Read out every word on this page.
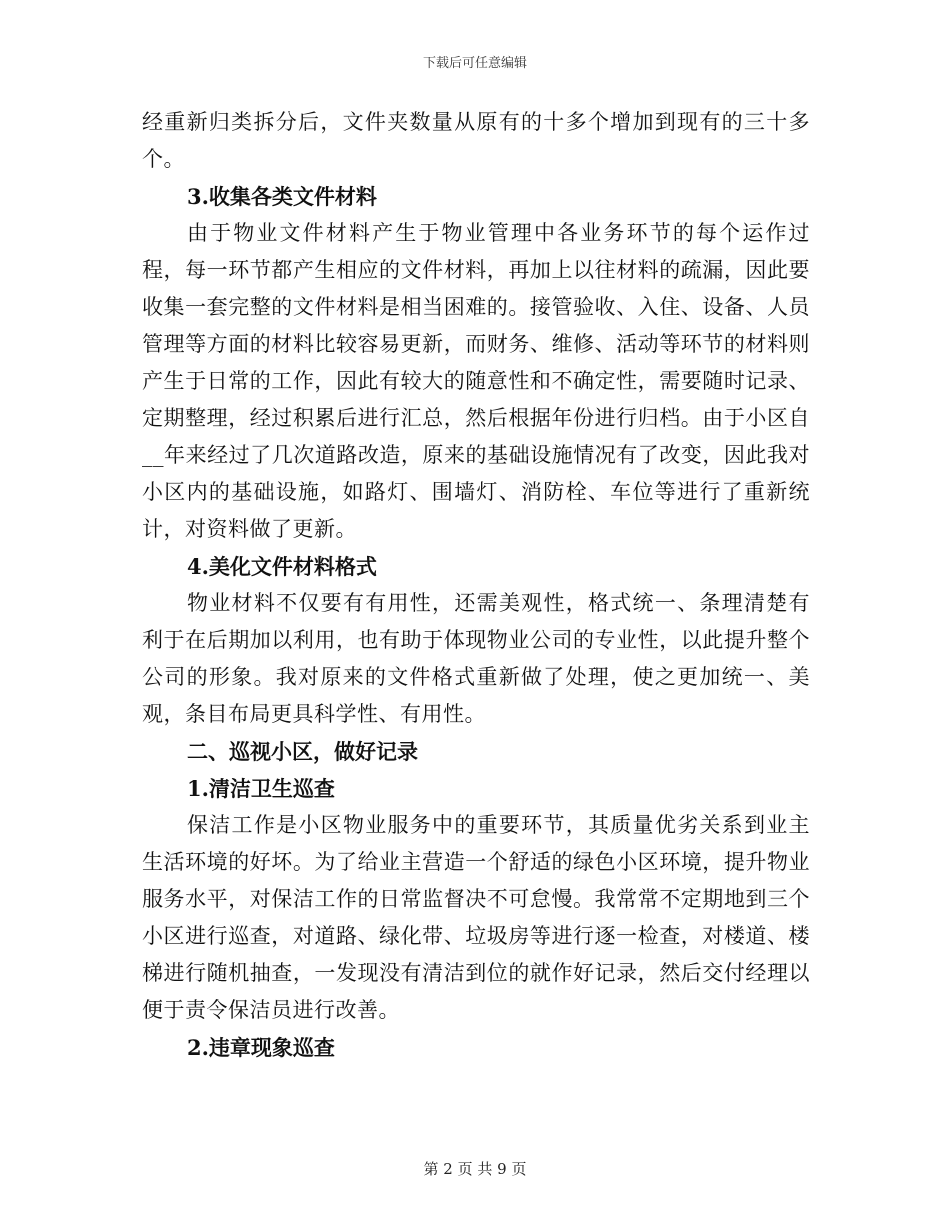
下载后可任意编辑

经重新归类拆分后，文件夹数量从原有的十多个增加到现有的三十多个。

3.收集各类文件材料

由于物业文件材料产生于物业管理中各业务环节的每个运作过程，每一环节都产生相应的文件材料，再加上以往材料的疏漏，因此要收集一套完整的文件材料是相当困难的。接管验收、入住、设备、人员管理等方面的材料比较容易更新，而财务、维修、活动等环节的材料则产生于日常的工作，因此有较大的随意性和不确定性，需要随时记录、定期整理，经过积累后进行汇总，然后根据年份进行归档。由于小区自__年来经过了几次道路改造，原来的基础设施情况有了改变，因此我对小区内的基础设施，如路灯、围墙灯、消防栓、车位等进行了重新统计，对资料做了更新。

4.美化文件材料格式

物业材料不仅要有有用性，还需美观性，格式统一、条理清楚有利于在后期加以利用，也有助于体现物业公司的专业性，以此提升整个公司的形象。我对原来的文件格式重新做了处理，使之更加统一、美观，条目布局更具科学性、有用性。

二、巡视小区，做好记录

1.清洁卫生巡查

保洁工作是小区物业服务中的重要环节，其质量优劣关系到业主生活环境的好坏。为了给业主营造一个舒适的绿色小区环境，提升物业服务水平，对保洁工作的日常监督决不可怠慢。我常常不定期地到三个小区进行巡查，对道路、绿化带、垃圾房等进行逐一检查，对楼道、楼梯进行随机抽查，一发现没有清洁到位的就作好记录，然后交付经理以便于责令保洁员进行改善。

2.违章现象巡查

第 2 页 共 9 页
